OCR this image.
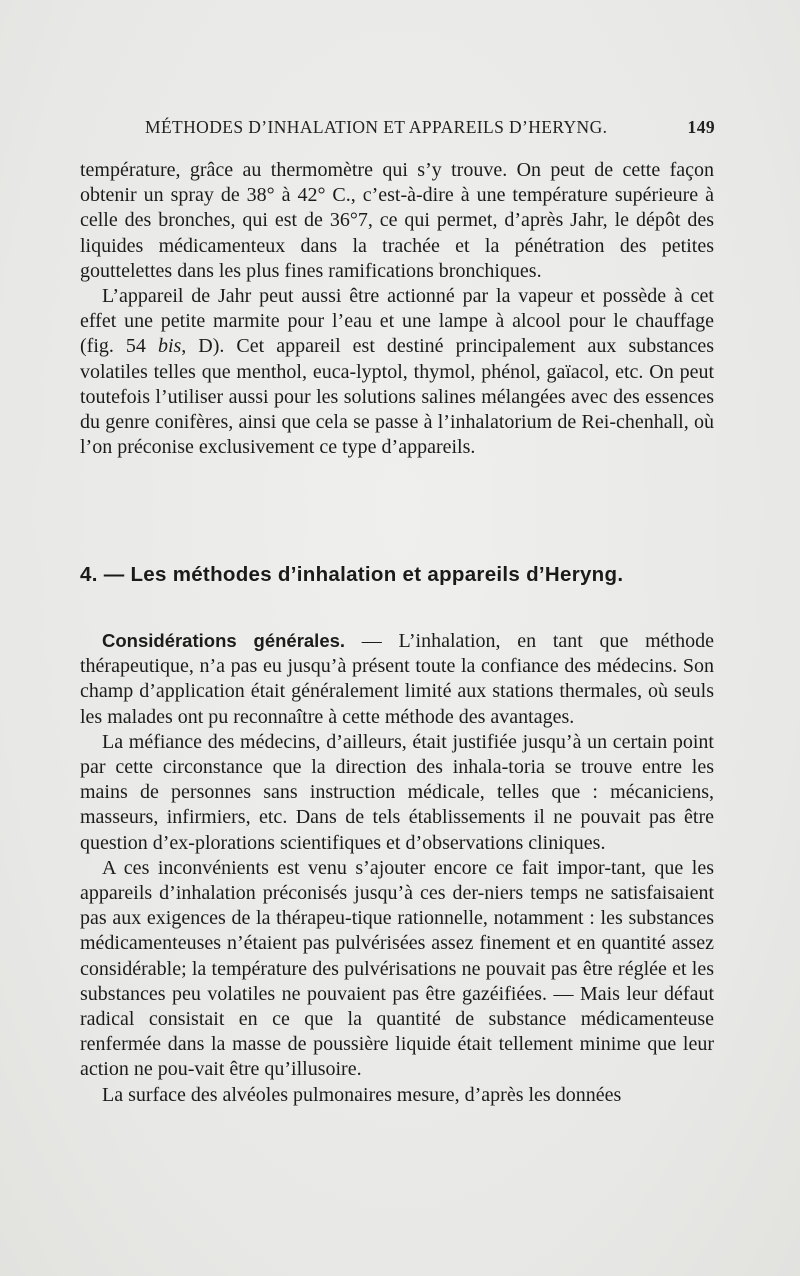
MÉTHODES D’INHALATION ET APPAREILS D’HERYNG.	149

température, grâce au thermomètre qui s’y trouve. On peut de cette façon obtenir un spray de 38° à 42° C., c’est-à-dire à une température supérieure à celle des bronches, qui est de 36°7, ce qui permet, d’après Jahr, le dépôt des liquides médicamenteux dans la trachée et la pénétration des petites gouttelettes dans les plus fines ramifications bronchiques.

L’appareil de Jahr peut aussi être actionné par la vapeur et possède à cet effet une petite marmite pour l’eau et une lampe à alcool pour le chauffage (fig. 54 bis, D). Cet appareil est destiné principalement aux substances volatiles telles que menthol, euca-lyptol, thymol, phénol, gaïacol, etc. On peut toutefois l’utiliser aussi pour les solutions salines mélangées avec des essences du genre conifères, ainsi que cela se passe à l’inhalatorium de Rei-chenhall, où l’on préconise exclusivement ce type d’appareils.

4. — Les méthodes d’inhalation et appareils d’Heryng.

Considérations générales. — L’inhalation, en tant que méthode thérapeutique, n’a pas eu jusqu’à présent toute la confiance des médecins. Son champ d’application était généralement limité aux stations thermales, où seuls les malades ont pu reconnaître à cette méthode des avantages.

La méfiance des médecins, d’ailleurs, était justifiée jusqu’à un certain point par cette circonstance que la direction des inhala-toria se trouve entre les mains de personnes sans instruction médicale, telles que : mécaniciens, masseurs, infirmiers, etc. Dans de tels établissements il ne pouvait pas être question d’ex-plorations scientifiques et d’observations cliniques.

A ces inconvénients est venu s’ajouter encore ce fait impor-tant, que les appareils d’inhalation préconisés jusqu’à ces der-niers temps ne satisfaisaient pas aux exigences de la thérapeu-tique rationnelle, notamment : les substances médicamenteuses n’étaient pas pulvérisées assez finement et en quantité assez considérable; la température des pulvérisations ne pouvait pas être réglée et les substances peu volatiles ne pouvaient pas être gazéifiées. — Mais leur défaut radical consistait en ce que la quantité de substance médicamenteuse renfermée dans la masse de poussière liquide était tellement minime que leur action ne pou-vait être qu’illusoire.

La surface des alvéoles pulmonaires mesure, d’après les données
